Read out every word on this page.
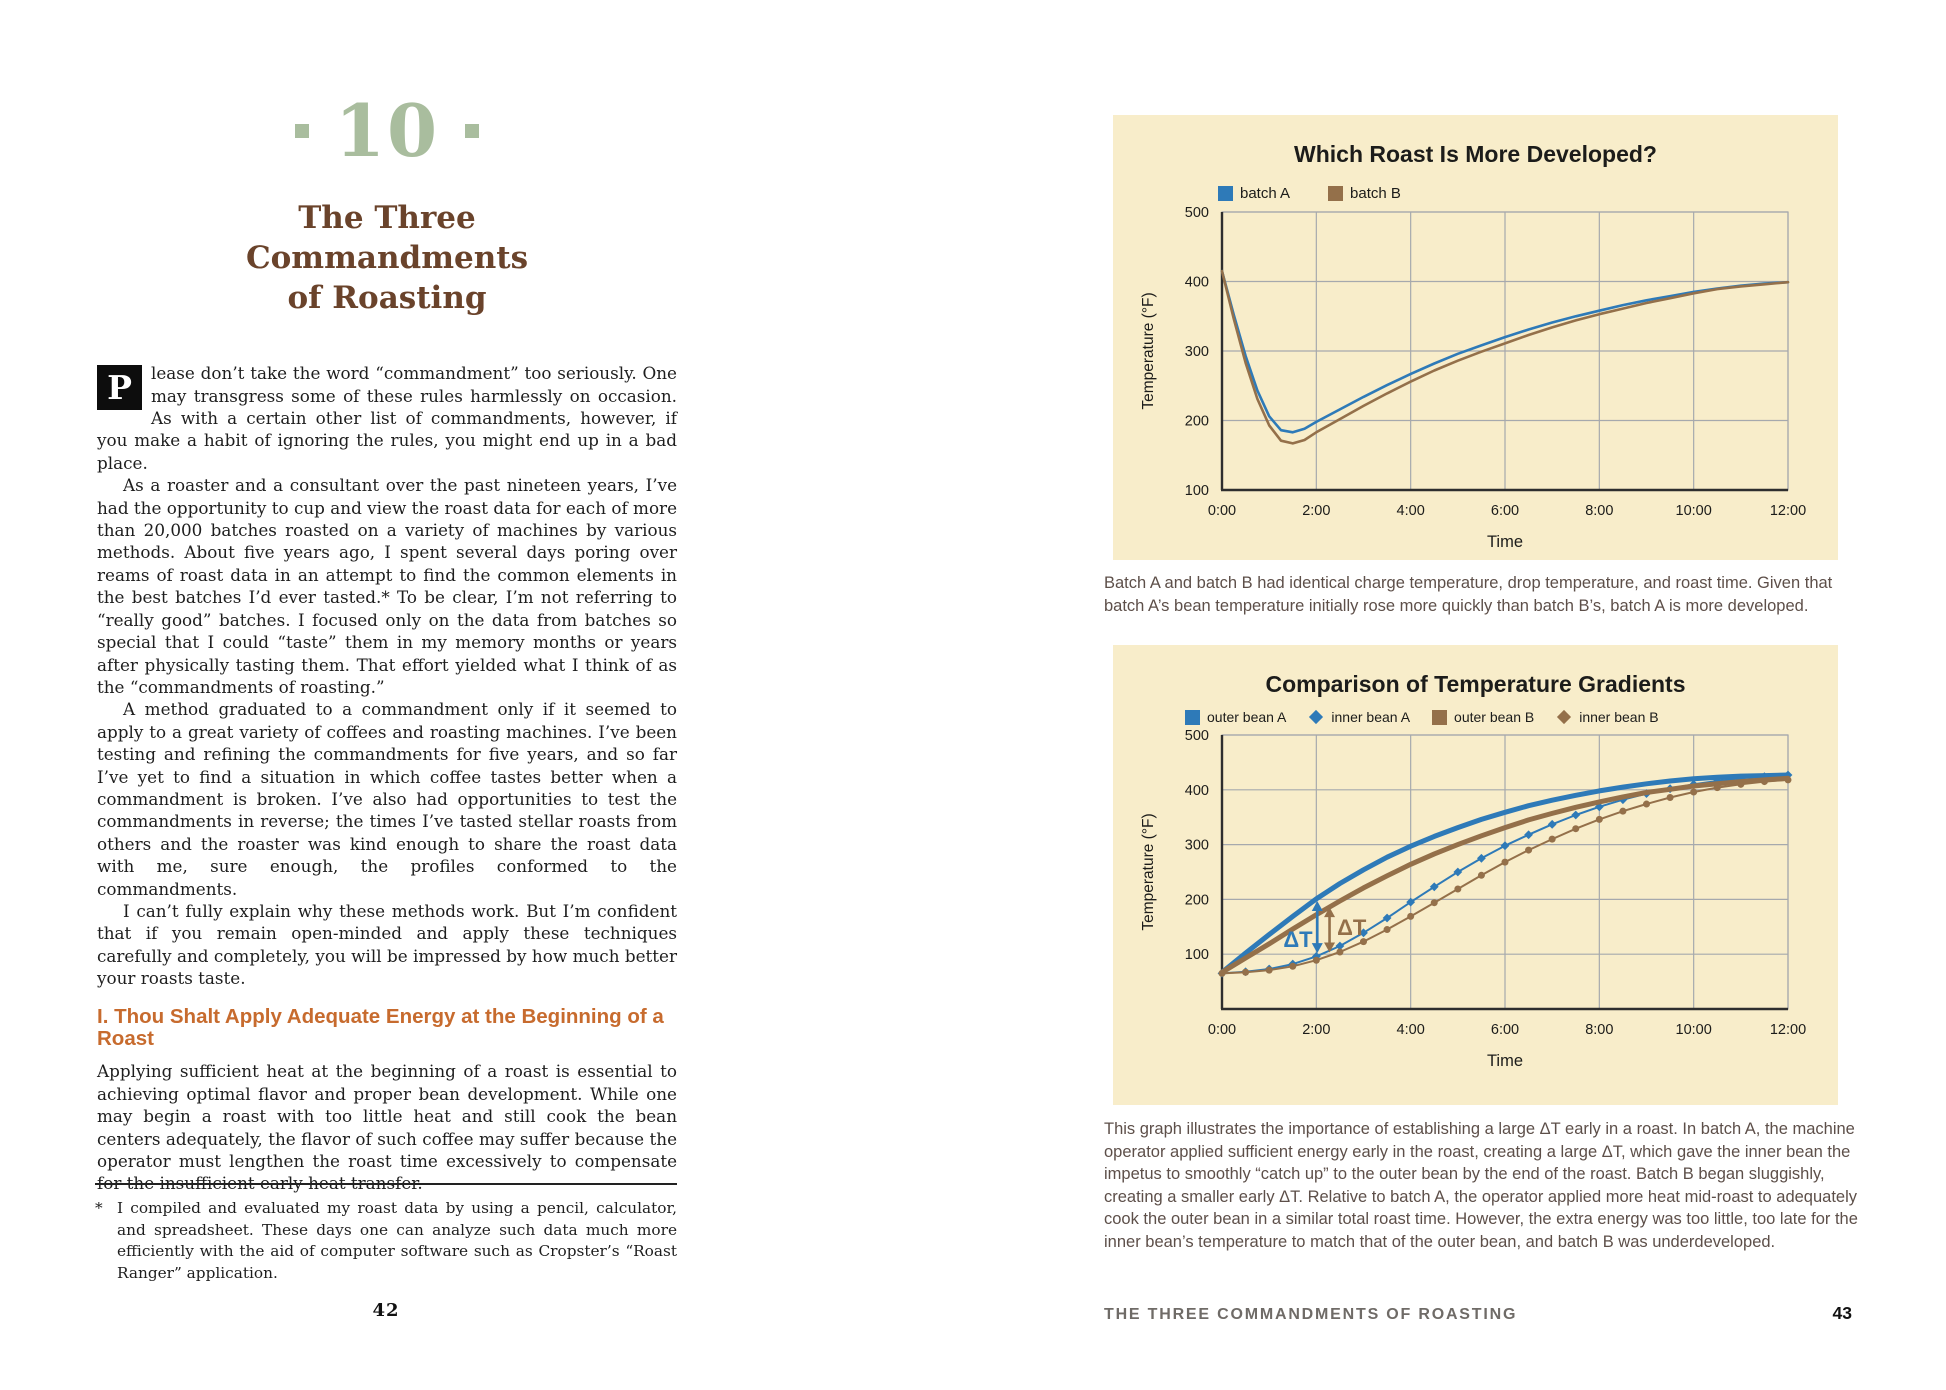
10
The Three
Commandments
of Roasting

P	lease don’t take the word “commandment” too seriously. One may transgress some of these rules harmlessly on occasion. As with a certain other list of commandments, however, if you make a habit of ignoring the rules, you might end up in a bad place.

As a roaster and a consultant over the past nineteen years, I’ve had the opportunity to cup and view the roast data for each of more than 20,000 batches roasted on a variety of machines by various methods. About five years ago, I spent several days poring over reams of roast data in an attempt to find the common elements in the best batches I’d ever tasted.* To be clear, I’m not referring to “really good” batches. I focused only on the data from batches so special that I could “taste” them in my memory months or years after physically tasting them. That effort yielded what I think of as the “commandments of roasting.”

A method graduated to a commandment only if it seemed to apply to a great variety of coffees and roasting machines. I’ve been testing and refining the commandments for five years, and so far I’ve yet to find a situation in which coffee tastes better when a commandment is broken. I’ve also had opportunities to test the commandments in reverse; the times I’ve tasted stellar roasts from others and the roaster was kind enough to share the roast data with me, sure enough, the profiles conformed to the commandments.

I can’t fully explain why these methods work. But I’m confident that if you remain open-minded and apply these techniques carefully and completely, you will be impressed by how much better your roasts taste.

I. Thou Shalt Apply Adequate Energy at the Beginning of a Roast

Applying sufficient heat at the beginning of a roast is essential to achieving optimal flavor and proper bean development. While one may begin a roast with too little heat and still cook the bean centers adequately, the flavor of such coffee may suffer because the operator must lengthen the roast time excessively to compensate for the insufficient early heat transfer.

* I compiled and evaluated my roast data by using a pencil, calculator, and spreadsheet. These days one can analyze such data much more efficiently with the aid of computer software such as Cropster’s “Roast Ranger” application.
42
100
200
300
400
500
0:00	2:00	4:00	6:00	8:00	10:00	12:00
Temperature (°F)
Time
Which Roast Is More Developed?
batch A	batch B
Batch A and batch B had identical charge temperature, drop temperature, and roast time. Given that batch A’s bean temperature initially rose more quickly than batch B’s, batch A is more developed.
100
200
300
400
500
0:00	2:00	4:00	6:00	8:00	10:00	12:00
Temperature (°F)
Time
ΔT ΔT
Comparison of Temperature Gradients
outer bean A	inner bean A	outer bean B	inner bean B
This graph illustrates the importance of establishing a large ΔT early in a roast. In batch A, the machine operator applied sufficient energy early in the roast, creating a large ΔT, which gave the inner bean the impetus to smoothly “catch up” to the outer bean by the end of the roast. Batch B began sluggishly, creating a smaller early ΔT. Relative to batch A, the operator applied more heat mid-roast to adequately cook the outer bean in a similar total roast time. However, the extra energy was too little, too late for the inner bean’s temperature to match that of the outer bean, and batch B was underdeveloped.
THE THREE COMMANDMENTS OF ROASTING	43
